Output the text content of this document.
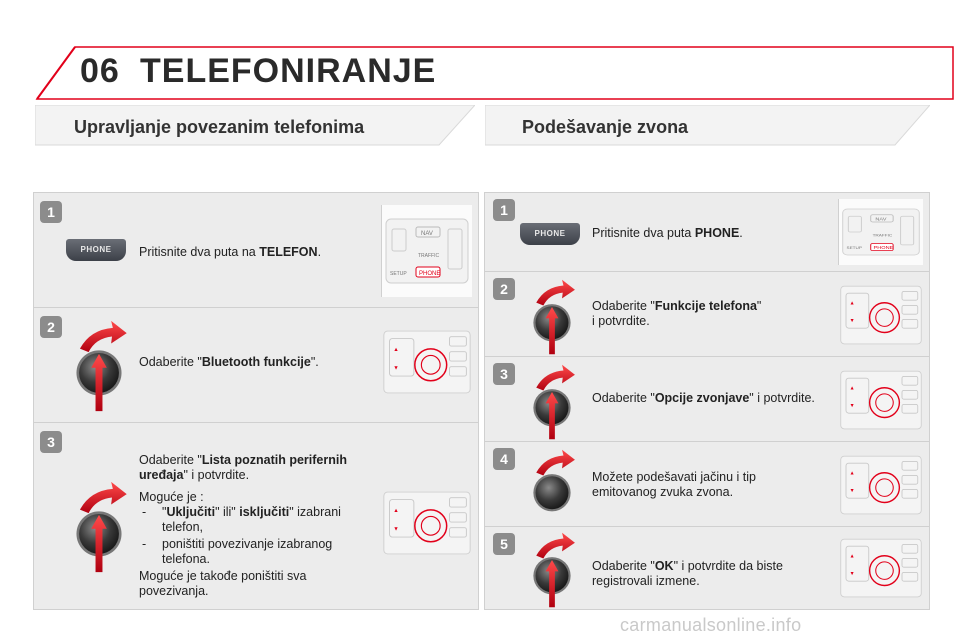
06 TELEFONIRANJE
Upravljanje povezanim telefonima	Podešavanje zvona
1
PHONE	Pritisnite dva puta na TELEFON.
NAV
TRAFFIC
SETUP PHONE
2
Odaberite "Bluetooth funkcije".
3
Odaberite "Lista poznatih perifernih
uređaja" i potvrdite.
Moguće je :
- "Uključiti" ili" isključiti" izabrani
telefon,
- poništiti povezivanje izabranog
telefona.
Moguće je takođe poništiti sva
povezivanja.
1
PHONE	Pritisnite dva puta PHONE.
NAV
TRAFFIC
SETUP PHONE
2
Odaberite "Funkcije telefona"
i potvrdite.
3
Odaberite "Opcije zvonjave" i potvrdite.
4
Možete podešavati jačinu i tip
emitovanog zvuka zvona.
5
Odaberite "OK" i potvrdite da biste
registrovali izmene.
carmanualsonline.info
